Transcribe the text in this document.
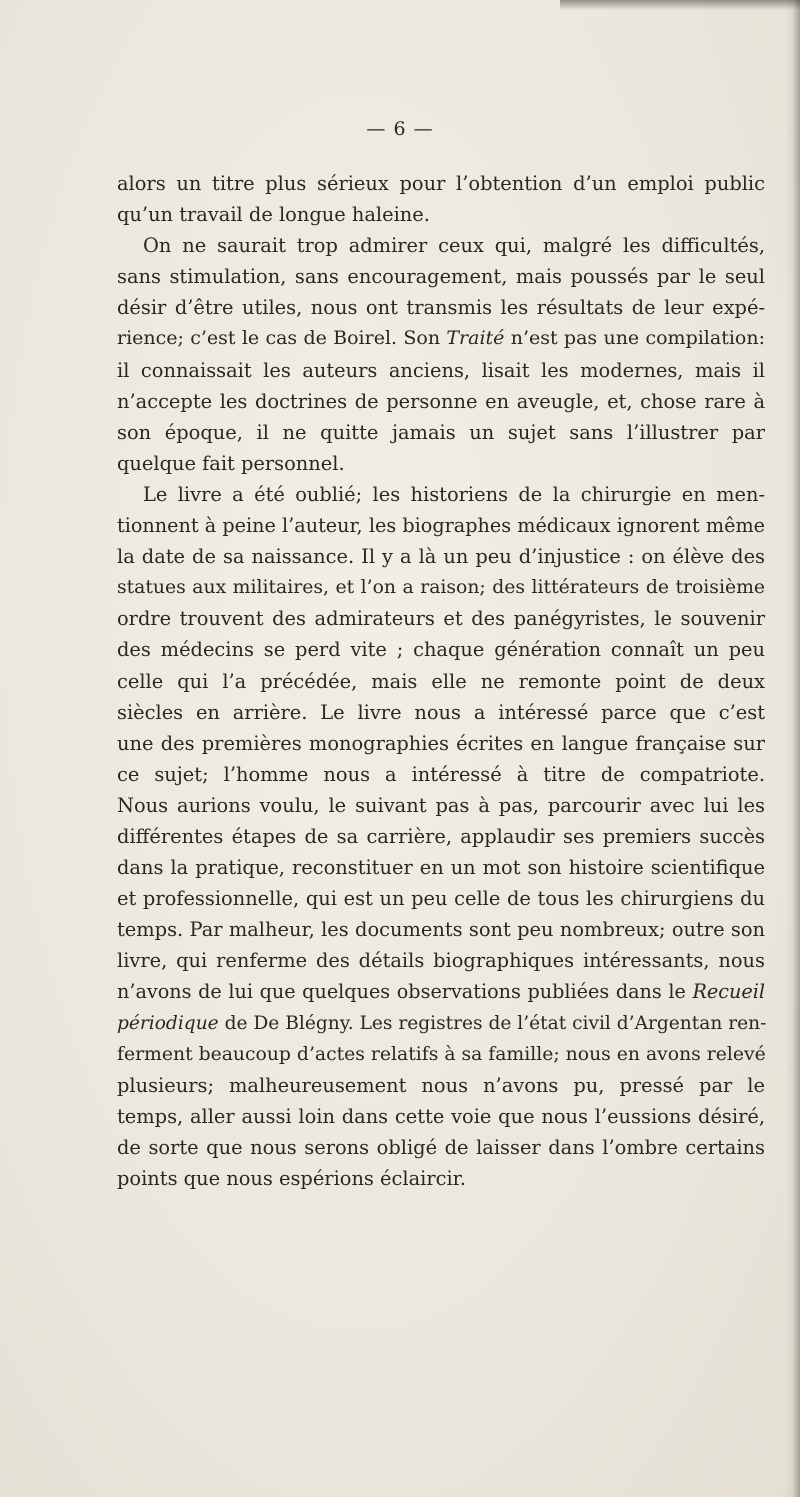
— 6 —
alors un titre plus sérieux pour l’obtention d’un emploi public
qu’un travail de longue haleine.
On ne saurait trop admirer ceux qui, malgré les difficultés,
sans stimulation, sans encouragement, mais poussés par le seul
désir d’être utiles, nous ont transmis les résultats de leur expé-
rience; c’est le cas de Boirel. Son Traité n’est pas une compilation:
il connaissait les auteurs anciens, lisait les modernes, mais il
n’accepte les doctrines de personne en aveugle, et, chose rare à
son époque, il ne quitte jamais un sujet sans l’illustrer par
quelque fait personnel.
Le livre a été oublié; les historiens de la chirurgie en men-
tionnent à peine l’auteur, les biographes médicaux ignorent même
la date de sa naissance. Il y a là un peu d’injustice : on élève des
statues aux militaires, et l’on a raison; des littérateurs de troisième
ordre trouvent des admirateurs et des panégyristes, le souvenir
des médecins se perd vite ; chaque génération connaît un peu
celle qui l’a précédée, mais elle ne remonte point de deux
siècles en arrière. Le livre nous a intéressé parce que c’est
une des premières monographies écrites en langue française sur
ce sujet; l’homme nous a intéressé à titre de compatriote.
Nous aurions voulu, le suivant pas à pas, parcourir avec lui les
différentes étapes de sa carrière, applaudir ses premiers succès
dans la pratique, reconstituer en un mot son histoire scientifique
et professionnelle, qui est un peu celle de tous les chirurgiens du
temps. Par malheur, les documents sont peu nombreux; outre son
livre, qui renferme des détails biographiques intéressants, nous
n’avons de lui que quelques observations publiées dans le Recueil
périodique de De Blégny. Les registres de l’état civil d’Argentan ren-
ferment beaucoup d’actes relatifs à sa famille; nous en avons relevé
plusieurs; malheureusement nous n’avons pu, pressé par le
temps, aller aussi loin dans cette voie que nous l’eussions désiré,
de sorte que nous serons obligé de laisser dans l’ombre certains
points que nous espérions éclaircir.
